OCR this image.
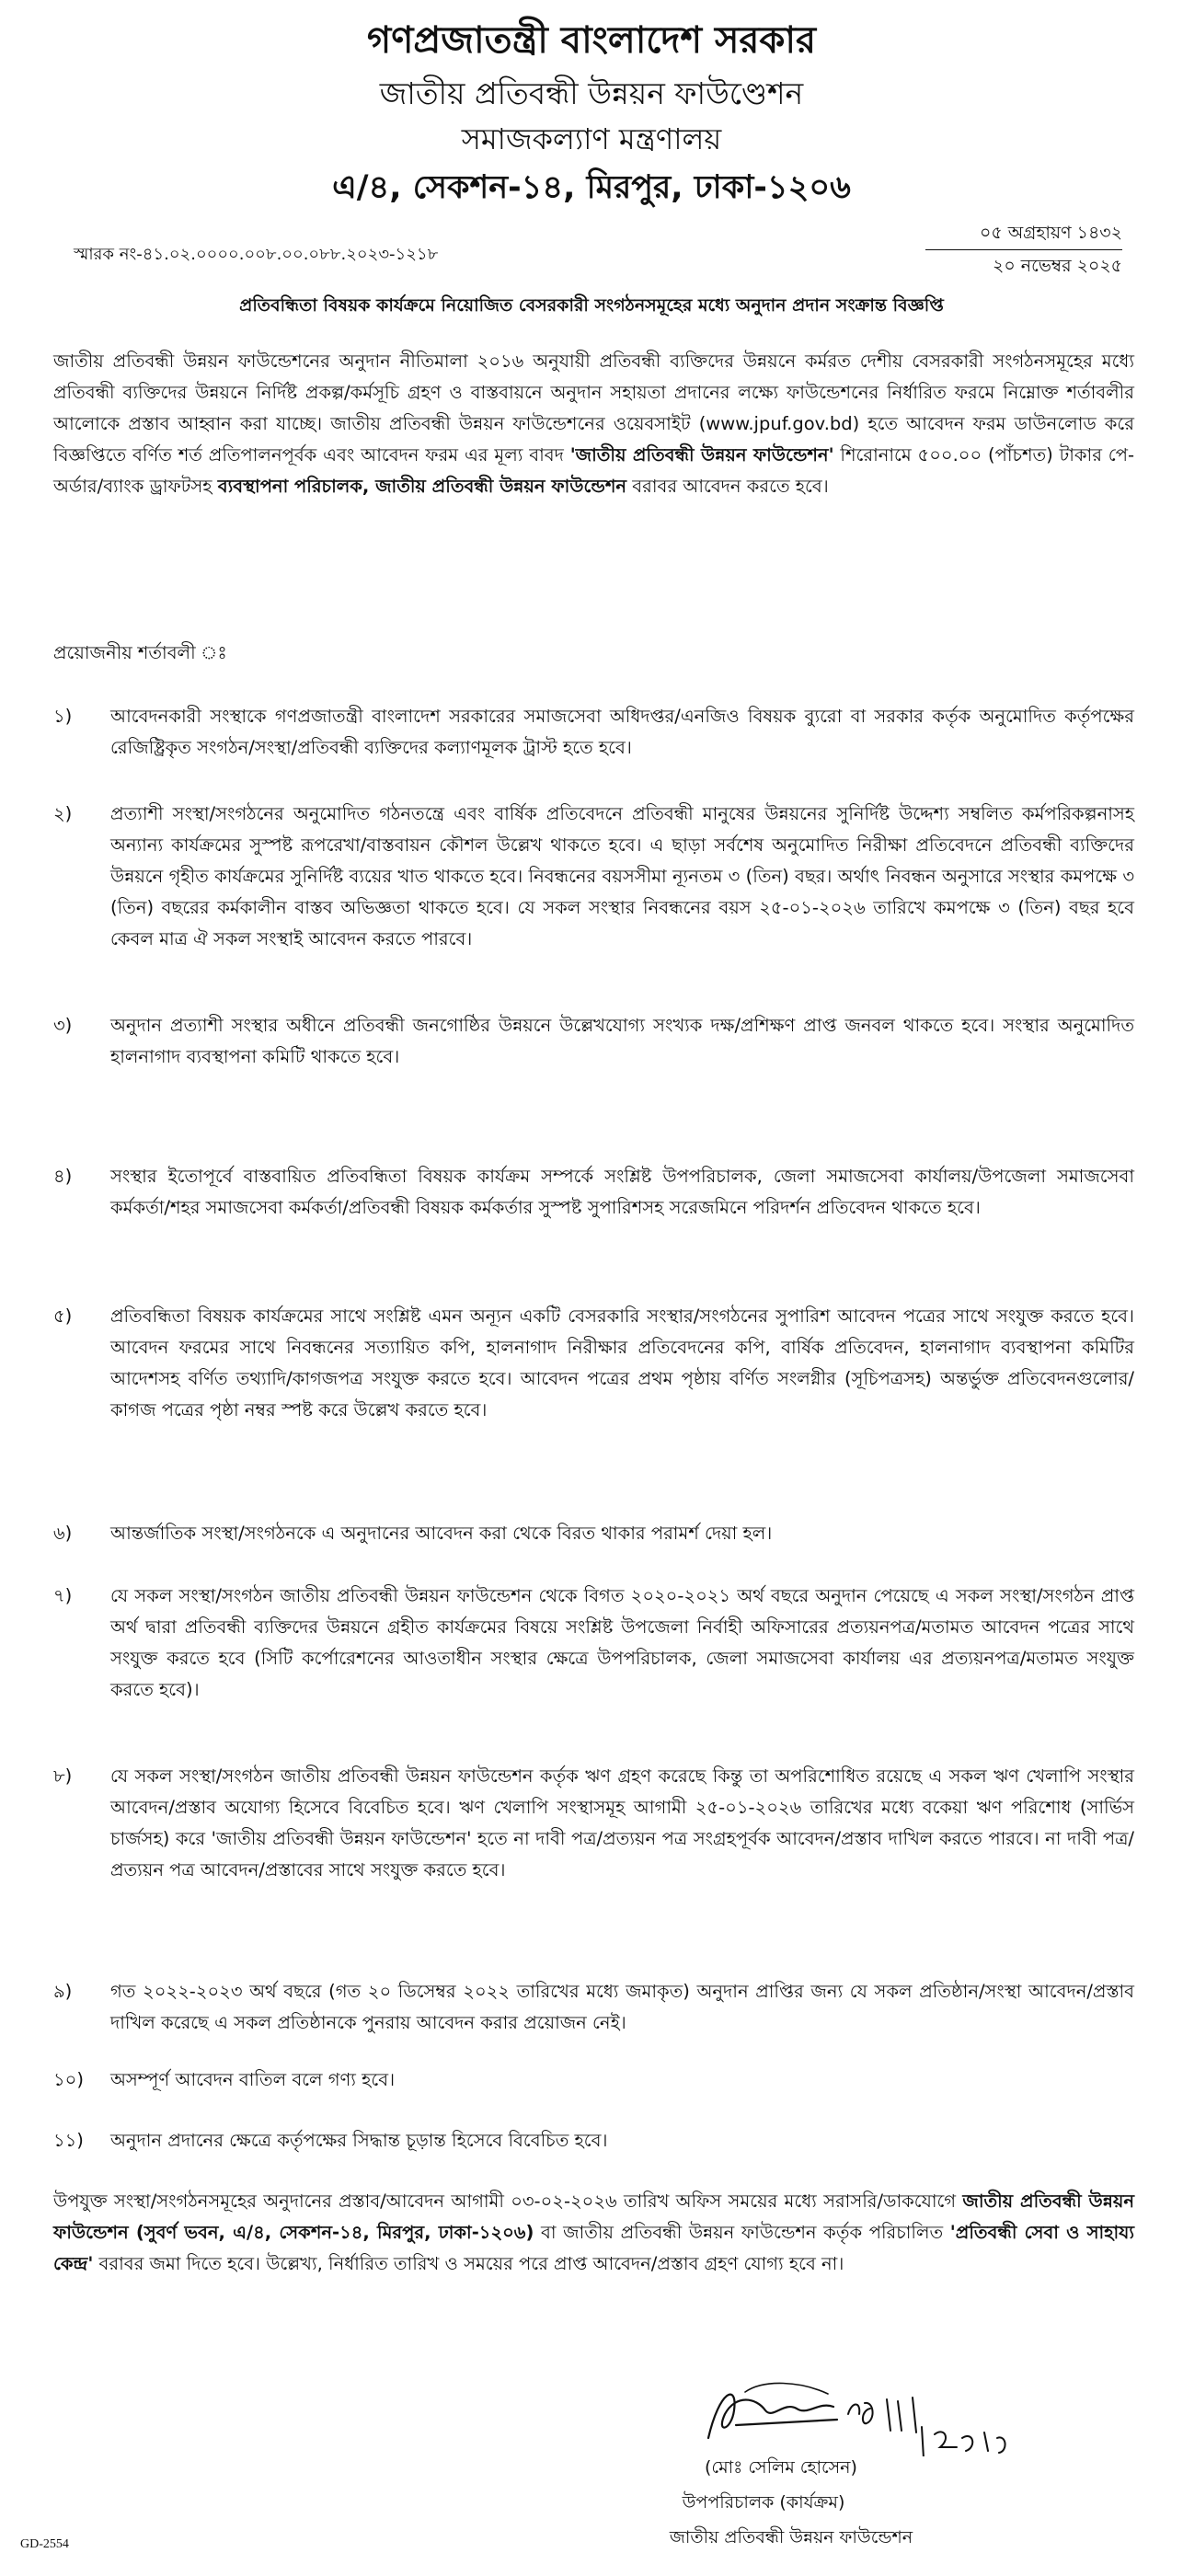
গণপ্রজাতন্ত্রী বাংলাদেশ সরকার
জাতীয় প্রতিবন্ধী উন্নয়ন ফাউণ্ডেশন
সমাজকল্যাণ মন্ত্রণালয়
এ/৪, সেকশন-১৪, মিরপুর, ঢাকা-১২০৬
স্মারক নং-৪১.০২.০০০০.০০৮.০০.০৮৮.২০২৩-১২১৮
০৫ অগ্রহায়ণ ১৪৩২
২০ নভেম্বর ২০২৫
প্রতিবন্ধিতা বিষয়ক কার্যক্রমে নিয়োজিত বেসরকারী সংগঠনসমূহের মধ্যে অনুদান প্রদান সংক্রান্ত বিজ্ঞপ্তি
জাতীয় প্রতিবন্ধী উন্নয়ন ফাউন্ডেশনের অনুদান নীতিমালা ২০১৬ অনুযায়ী প্রতিবন্ধী ব্যক্তিদের উন্নয়নে কর্মরত দেশীয় বেসরকারী সংগঠনসমূহের মধ্যে প্রতিবন্ধী ব্যক্তিদের উন্নয়নে নির্দিষ্ট প্রকল্প/কর্মসূচি গ্রহণ ও বাস্তবায়নে অনুদান সহায়তা প্রদানের লক্ষ্যে ফাউন্ডেশনের নির্ধারিত ফরমে নিম্নোক্ত শর্তাবলীর আলোকে প্রস্তাব আহ্বান করা যাচ্ছে। জাতীয় প্রতিবন্ধী উন্নয়ন ফাউন্ডেশনের ওয়েবসাইট (www.jpuf.gov.bd) হতে আবেদন ফরম ডাউনলোড করে বিজ্ঞপ্তিতে বর্ণিত শর্ত প্রতিপালনপূর্বক এবং আবেদন ফরম এর মূল্য বাবদ 'জাতীয় প্রতিবন্ধী উন্নয়ন ফাউন্ডেশন' শিরোনামে ৫০০.০০ (পাঁচশত) টাকার পে-অর্ডার/ব্যাংক ড্রাফটসহ ব্যবস্থাপনা পরিচালক, জাতীয় প্রতিবন্ধী উন্নয়ন ফাউন্ডেশন বরাবর আবেদন করতে হবে।
প্রয়োজনীয় শর্তাবলী ঃ
১)	আবেদনকারী সংস্থাকে গণপ্রজাতন্ত্রী বাংলাদেশ সরকারের সমাজসেবা অধিদপ্তর/এনজিও বিষয়ক ব্যুরো বা সরকার কর্তৃক অনুমোদিত কর্তৃপক্ষের রেজিষ্ট্রিকৃত সংগঠন/সংস্থা/প্রতিবন্ধী ব্যক্তিদের কল্যাণমূলক ট্রাস্ট হতে হবে।
২)	প্রত্যাশী সংস্থা/সংগঠনের অনুমোদিত গঠনতন্ত্রে এবং বার্ষিক প্রতিবেদনে প্রতিবন্ধী মানুষের উন্নয়নের সুনির্দিষ্ট উদ্দেশ্য সম্বলিত কর্মপরিকল্পনাসহ অন্যান্য কার্যক্রমের সুস্পষ্ট রূপরেখা/বাস্তবায়ন কৌশল উল্লেখ থাকতে হবে। এ ছাড়া সর্বশেষ অনুমোদিত নিরীক্ষা প্রতিবেদনে প্রতিবন্ধী ব্যক্তিদের উন্নয়নে গৃহীত কার্যক্রমের সুনির্দিষ্ট ব্যয়ের খাত থাকতে হবে। নিবন্ধনের বয়সসীমা ন্যূনতম ৩ (তিন) বছর। অর্থাৎ নিবন্ধন অনুসারে সংস্থার কমপক্ষে ৩ (তিন) বছরের কর্মকালীন বাস্তব অভিজ্ঞতা থাকতে হবে। যে সকল সংস্থার নিবন্ধনের বয়স ২৫-০১-২০২৬ তারিখে কমপক্ষে ৩ (তিন) বছর হবে কেবল মাত্র ঐ সকল সংস্থাই আবেদন করতে পারবে।
৩)	অনুদান প্রত্যাশী সংস্থার অধীনে প্রতিবন্ধী জনগোষ্ঠির উন্নয়নে উল্লেখযোগ্য সংখ্যক দক্ষ/প্রশিক্ষণ প্রাপ্ত জনবল থাকতে হবে। সংস্থার অনুমোদিত হালনাগাদ ব্যবস্থাপনা কমিটি থাকতে হবে।
৪)	সংস্থার ইতোপূর্বে বাস্তবায়িত প্রতিবন্ধিতা বিষয়ক কার্যক্রম সম্পর্কে সংশ্লিষ্ট উপপরিচালক, জেলা সমাজসেবা কার্যালয়/উপজেলা সমাজসেবা কর্মকর্তা/শহর সমাজসেবা কর্মকর্তা/প্রতিবন্ধী বিষয়ক কর্মকর্তার সুস্পষ্ট সুপারিশসহ সরেজমিনে পরিদর্শন প্রতিবেদন থাকতে হবে।
৫)	প্রতিবন্ধিতা বিষয়ক কার্যক্রমের সাথে সংশ্লিষ্ট এমন অন্যূন একটি বেসরকারি সংস্থার/সংগঠনের সুপারিশ আবেদন পত্রের সাথে সংযুক্ত করতে হবে। আবেদন ফরমের সাথে নিবন্ধনের সত্যায়িত কপি, হালনাগাদ নিরীক্ষার প্রতিবেদনের কপি, বার্ষিক প্রতিবেদন, হালনাগাদ ব্যবস্থাপনা কমিটির আদেশসহ বর্ণিত তথ্যাদি/কাগজপত্র সংযুক্ত করতে হবে। আবেদন পত্রের প্রথম পৃষ্ঠায় বর্ণিত সংলগ্নীর (সূচিপত্রসহ) অন্তর্ভুক্ত প্রতিবেদনগুলোর/কাগজ পত্রের পৃষ্ঠা নম্বর স্পষ্ট করে উল্লেখ করতে হবে।
৬)	আন্তর্জাতিক সংস্থা/সংগঠনকে এ অনুদানের আবেদন করা থেকে বিরত থাকার পরামর্শ দেয়া হল।
৭)	যে সকল সংস্থা/সংগঠন জাতীয় প্রতিবন্ধী উন্নয়ন ফাউন্ডেশন থেকে বিগত ২০২০-২০২১ অর্থ বছরে অনুদান পেয়েছে এ সকল সংস্থা/সংগঠন প্রাপ্ত অর্থ দ্বারা প্রতিবন্ধী ব্যক্তিদের উন্নয়নে গ্রহীত কার্যক্রমের বিষয়ে সংশ্লিষ্ট উপজেলা নির্বাহী অফিসারের প্রত্যয়নপত্র/মতামত আবেদন পত্রের সাথে সংযুক্ত করতে হবে (সিটি কর্পোরেশনের আওতাধীন সংস্থার ক্ষেত্রে উপপরিচালক, জেলা সমাজসেবা কার্যালয় এর প্রত্যয়নপত্র/মতামত সংযুক্ত করতে হবে)।
৮)	যে সকল সংস্থা/সংগঠন জাতীয় প্রতিবন্ধী উন্নয়ন ফাউন্ডেশন কর্তৃক ঋণ গ্রহণ করেছে কিন্তু তা অপরিশোধিত রয়েছে এ সকল ঋণ খেলাপি সংস্থার আবেদন/প্রস্তাব অযোগ্য হিসেবে বিবেচিত হবে। ঋণ খেলাপি সংস্থাসমূহ আগামী ২৫-০১-২০২৬ তারিখের মধ্যে বকেয়া ঋণ পরিশোধ (সার্ভিস চার্জসহ) করে 'জাতীয় প্রতিবন্ধী উন্নয়ন ফাউন্ডেশন' হতে না দাবী পত্র/প্রত্যয়ন পত্র সংগ্রহপূর্বক আবেদন/প্রস্তাব দাখিল করতে পারবে। না দাবী পত্র/প্রত্যয়ন পত্র আবেদন/প্রস্তাবের সাথে সংযুক্ত করতে হবে।
৯)	গত ২০২২-২০২৩ অর্থ বছরে (গত ২০ ডিসেম্বর ২০২২ তারিখের মধ্যে জমাকৃত) অনুদান প্রাপ্তির জন্য যে সকল প্রতিষ্ঠান/সংস্থা আবেদন/প্রস্তাব দাখিল করেছে এ সকল প্রতিষ্ঠানকে পুনরায় আবেদন করার প্রয়োজন নেই।
১০)	অসম্পূর্ণ আবেদন বাতিল বলে গণ্য হবে।
১১)	অনুদান প্রদানের ক্ষেত্রে কর্তৃপক্ষের সিদ্ধান্ত চূড়ান্ত হিসেবে বিবেচিত হবে।
উপযুক্ত সংস্থা/সংগঠনসমূহের অনুদানের প্রস্তাব/আবেদন আগামী ০৩-০২-২০২৬ তারিখ অফিস সময়ের মধ্যে সরাসরি/ডাকযোগে জাতীয় প্রতিবন্ধী উন্নয়ন ফাউন্ডেশন (সুবর্ণ ভবন, এ/৪, সেকশন-১৪, মিরপুর, ঢাকা-১২০৬) বা জাতীয় প্রতিবন্ধী উন্নয়ন ফাউন্ডেশন কর্তৃক পরিচালিত 'প্রতিবন্ধী সেবা ও সাহায্য কেন্দ্র' বরাবর জমা দিতে হবে। উল্লেখ্য, নির্ধারিত তারিখ ও সময়ের পরে প্রাপ্ত আবেদন/প্রস্তাব গ্রহণ যোগ্য হবে না।
(মোঃ সেলিম হোসেন)
উপপরিচালক (কার্যক্রম)
জাতীয় প্রতিবন্ধী উন্নয়ন ফাউন্ডেশন
GD-2554
